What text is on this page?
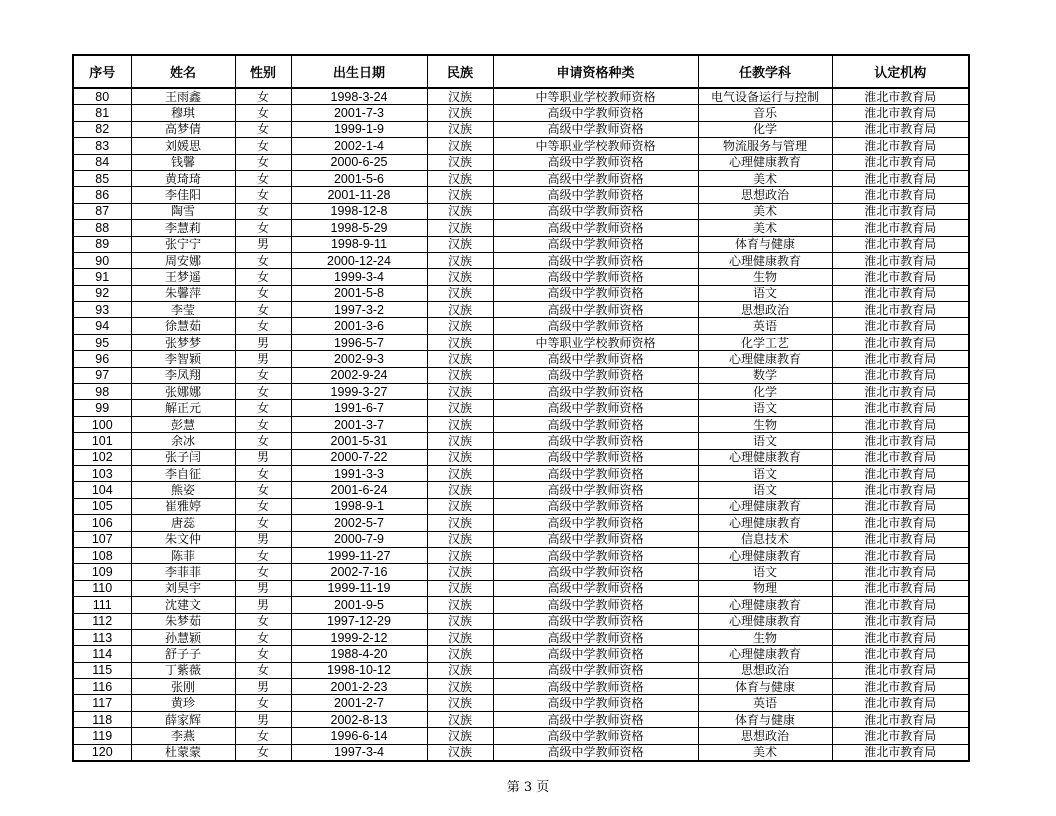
序号	姓名	性别	出生日期	民族	申请资格种类	任教学科	认定机构
80	王雨鑫	女	1998-3-24	汉族	中等职业学校教师资格	电气设备运行与控制	淮北市教育局
81	穆琪	女	2001-7-3	汉族	高级中学教师资格	音乐	淮北市教育局
82	高梦倩	女	1999-1-9	汉族	高级中学教师资格	化学	淮北市教育局
83	刘媛思	女	2002-1-4	汉族	中等职业学校教师资格	物流服务与管理	淮北市教育局
84	钱馨	女	2000-6-25	汉族	高级中学教师资格	心理健康教育	淮北市教育局
85	黄琦琦	女	2001-5-6	汉族	高级中学教师资格	美术	淮北市教育局
86	李佳阳	女	2001-11-28	汉族	高级中学教师资格	思想政治	淮北市教育局
87	陶雪	女	1998-12-8	汉族	高级中学教师资格	美术	淮北市教育局
88	李慧莉	女	1998-5-29	汉族	高级中学教师资格	美术	淮北市教育局
89	张宁宁	男	1998-9-11	汉族	高级中学教师资格	体育与健康	淮北市教育局
90	周安娜	女	2000-12-24	汉族	高级中学教师资格	心理健康教育	淮北市教育局
91	王梦遥	女	1999-3-4	汉族	高级中学教师资格	生物	淮北市教育局
92	朱馨萍	女	2001-5-8	汉族	高级中学教师资格	语文	淮北市教育局
93	李莹	女	1997-3-2	汉族	高级中学教师资格	思想政治	淮北市教育局
94	徐慧茹	女	2001-3-6	汉族	高级中学教师资格	英语	淮北市教育局
95	张梦梦	男	1996-5-7	汉族	中等职业学校教师资格	化学工艺	淮北市教育局
96	李智颖	男	2002-9-3	汉族	高级中学教师资格	心理健康教育	淮北市教育局
97	李凤翔	女	2002-9-24	汉族	高级中学教师资格	数学	淮北市教育局
98	张娜娜	女	1999-3-27	汉族	高级中学教师资格	化学	淮北市教育局
99	解正元	女	1991-6-7	汉族	高级中学教师资格	语文	淮北市教育局
100	彭慧	女	2001-3-7	汉族	高级中学教师资格	生物	淮北市教育局
101	余冰	女	2001-5-31	汉族	高级中学教师资格	语文	淮北市教育局
102	张子闫	男	2000-7-22	汉族	高级中学教师资格	心理健康教育	淮北市教育局
103	李自征	女	1991-3-3	汉族	高级中学教师资格	语文	淮北市教育局
104	熊姿	女	2001-6-24	汉族	高级中学教师资格	语文	淮北市教育局
105	崔雅婷	女	1998-9-1	汉族	高级中学教师资格	心理健康教育	淮北市教育局
106	唐蕊	女	2002-5-7	汉族	高级中学教师资格	心理健康教育	淮北市教育局
107	朱文仲	男	2000-7-9	汉族	高级中学教师资格	信息技术	淮北市教育局
108	陈菲	女	1999-11-27	汉族	高级中学教师资格	心理健康教育	淮北市教育局
109	李菲菲	女	2002-7-16	汉族	高级中学教师资格	语文	淮北市教育局
110	刘昊宇	男	1999-11-19	汉族	高级中学教师资格	物理	淮北市教育局
111	沈建文	男	2001-9-5	汉族	高级中学教师资格	心理健康教育	淮北市教育局
112	朱梦茹	女	1997-12-29	汉族	高级中学教师资格	心理健康教育	淮北市教育局
113	孙慧颖	女	1999-2-12	汉族	高级中学教师资格	生物	淮北市教育局
114	舒子子	女	1988-4-20	汉族	高级中学教师资格	心理健康教育	淮北市教育局
115	丁紫薇	女	1998-10-12	汉族	高级中学教师资格	思想政治	淮北市教育局
116	张刚	男	2001-2-23	汉族	高级中学教师资格	体育与健康	淮北市教育局
117	黄珍	女	2001-2-7	汉族	高级中学教师资格	英语	淮北市教育局
118	薛家辉	男	2002-8-13	汉族	高级中学教师资格	体育与健康	淮北市教育局
119	李燕	女	1996-6-14	汉族	高级中学教师资格	思想政治	淮北市教育局
120	杜蒙蒙	女	1997-3-4	汉族	高级中学教师资格	美术	淮北市教育局
第 3 页
